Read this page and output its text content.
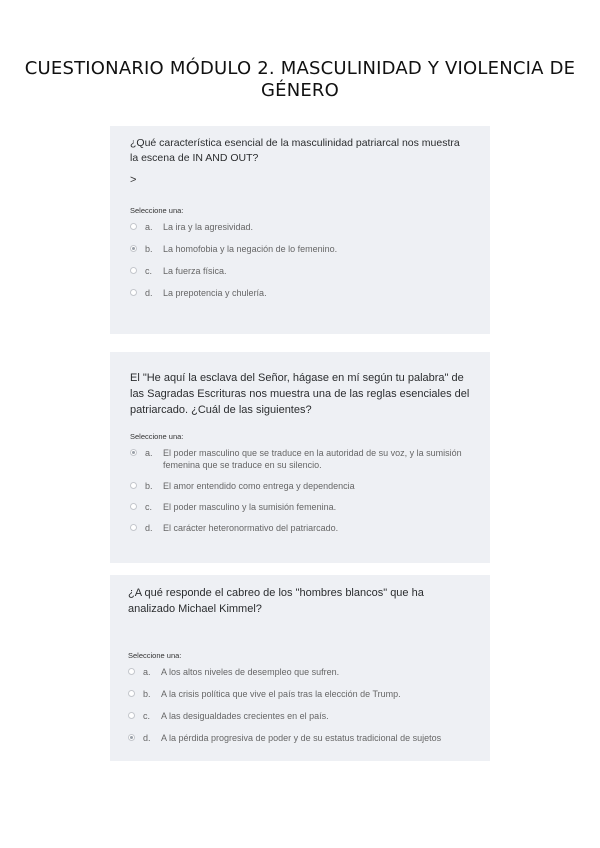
CUESTIONARIO MÓDULO 2. MASCULINIDAD Y VIOLENCIA DE GÉNERO
¿Qué característica esencial de la masculinidad patriarcal nos muestra la escena de IN AND OUT?
>
Seleccione una:
a.	La ira y la agresividad.
b.	La homofobia y la negación de lo femenino.
c.	La fuerza física.
d.	La prepotencia y chulería.
El "He aquí la esclava del Señor, hágase en mí según tu palabra" de las Sagradas Escrituras nos muestra una de las reglas esenciales del patriarcado. ¿Cuál de las siguientes?
Seleccione una:
a.	El poder masculino que se traduce en la autoridad de su voz, y la sumisión femenina que se traduce en su silencio.
b.	El amor entendido como entrega y dependencia
c.	El poder masculino y la sumisión femenina.
d.	El carácter heteronormativo del patriarcado.
¿A qué responde el cabreo de los "hombres blancos" que ha analizado Michael Kimmel?
Seleccione una:
a.	A los altos niveles de desempleo que sufren.
b.	A la crisis política que vive el país tras la elección de Trump.
c.	A las desigualdades crecientes en el país.
d.	A la pérdida progresiva de poder y de su estatus tradicional de sujetos
